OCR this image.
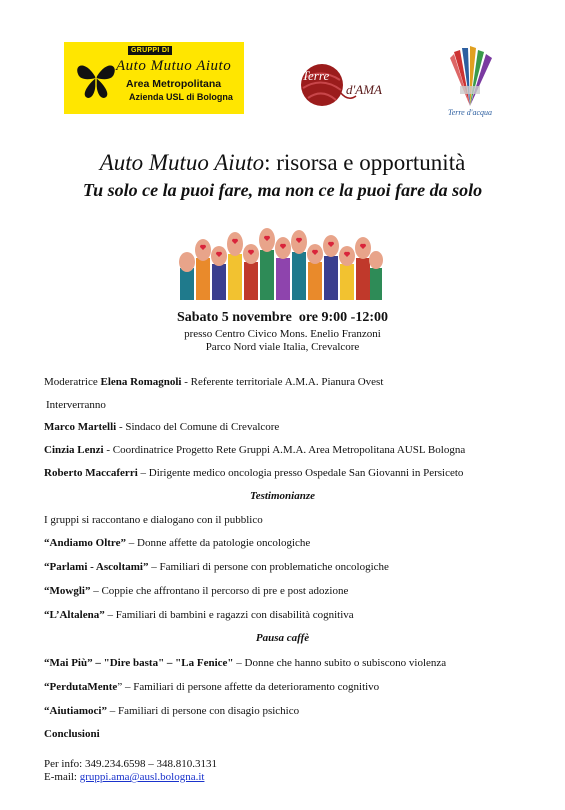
GRUPPI DI
Auto Mutuo Aiuto
Area Metropolitana
Azienda USL di Bologna
Terre
d'AMA
Terre d'acqua
Auto Mutuo Aiuto: risorsa e opportunità
Tu solo ce la puoi fare, ma non ce la puoi fare da solo
Sabato 5 novembre  ore 9:00 -12:00
presso Centro Civico Mons. Enelio Franzoni
Parco Nord viale Italia, Crevalcore
Moderatrice Elena Romagnoli - Referente territoriale A.M.A. Pianura Ovest
Interverranno
Marco Martelli - Sindaco del Comune di Crevalcore
Cinzia Lenzi - Coordinatrice Progetto Rete Gruppi A.M.A. Area Metropolitana AUSL Bologna
Roberto Maccaferri – Dirigente medico oncologia presso Ospedale San Giovanni in Persiceto
Testimonianze
I gruppi si raccontano e dialogano con il pubblico
“Andiamo Oltre” – Donne affette da patologie oncologiche
“Parlami - Ascoltami” – Familiari di persone con problematiche oncologiche
“Mowgli” – Coppie che affrontano il percorso di pre e post adozione
“L’Altalena” – Familiari di bambini e ragazzi con disabilità cognitiva
Pausa caffè
“Mai Più” – "Dire basta" – "La Fenice" – Donne che hanno subito o subiscono violenza
“PerdutaMente” – Familiari di persone affette da deterioramento cognitivo
“Aiutiamoci” – Familiari di persone con disagio psichico
Conclusioni
Per info: 349.234.6598 – 348.810.3131
E-mail: gruppi.ama@ausl.bologna.it
